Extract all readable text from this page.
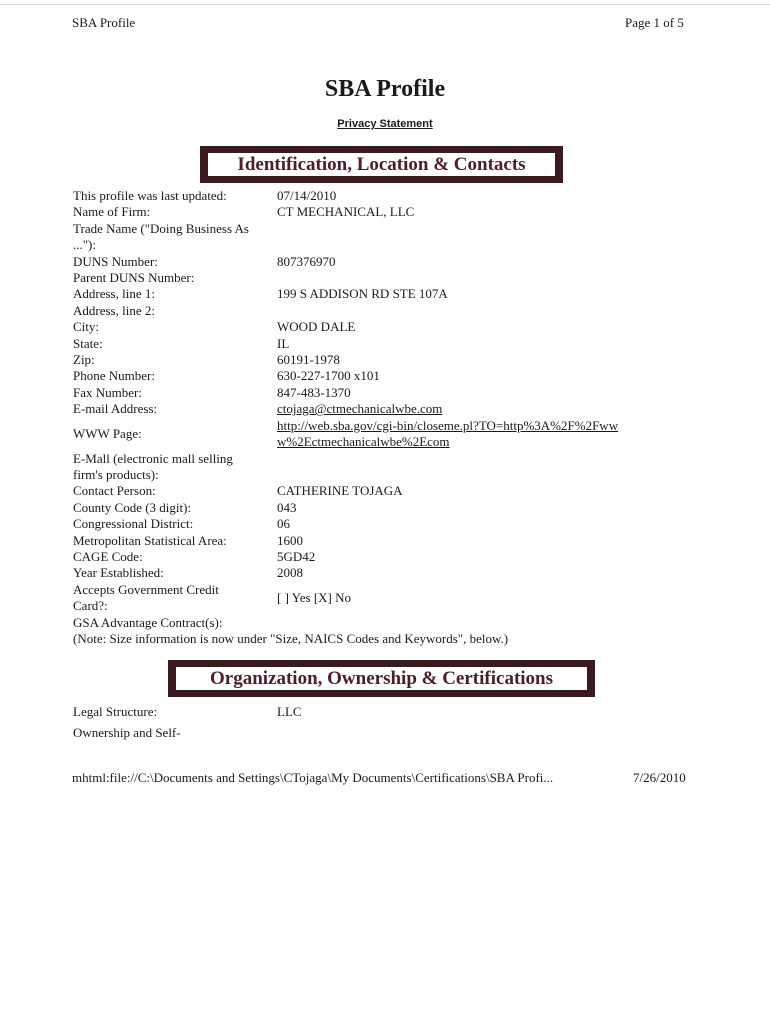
SBA Profile	Page 1 of 5
SBA Profile
Privacy Statement
Identification, Location & Contacts
This profile was last updated:	07/14/2010
Name of Firm:	CT MECHANICAL, LLC
Trade Name ("Doing Business As ..."):
DUNS Number:	807376970
Parent DUNS Number:
Address, line 1:	199 S ADDISON RD STE 107A
Address, line 2:
City:	WOOD DALE
State:	IL
Zip:	60191-1978
Phone Number:	630-227-1700 x101
Fax Number:	847-483-1370
E-mail Address:	ctojaga@ctmechanicalwbe.com
WWW Page:
http://web.sba.gov/cgi-bin/closeme.pl?TO=http%3A%2F%2Fwww%2Ectmechanicalwbe%2Ecom
E-Mall (electronic mall selling firm's products):
Contact Person:	CATHERINE TOJAGA
County Code (3 digit):	043
Congressional District:	06
Metropolitan Statistical Area:	1600
CAGE Code:	5GD42
Year Established:	2008
Accepts Government Credit Card?:
[ ] Yes [X] No
GSA Advantage Contract(s):
(Note: Size information is now under "Size, NAICS Codes and Keywords", below.)
Organization, Ownership & Certifications
Legal Structure:	LLC
Ownership and Self-
mhtml:file://C:\Documents and Settings\CTojaga\My Documents\Certifications\SBA Profi...	7/26/2010
